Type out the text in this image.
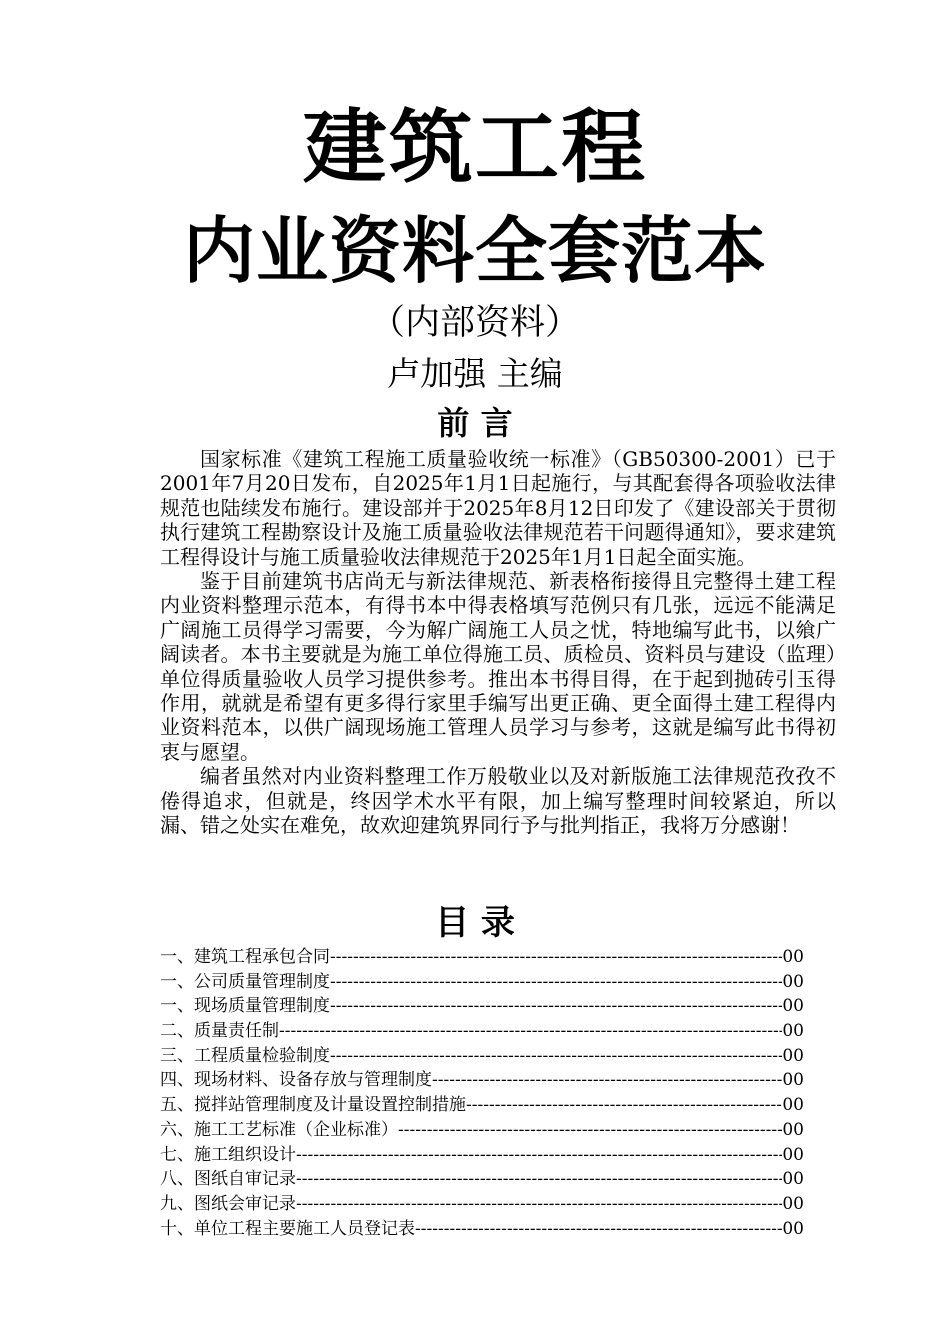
建筑工程
内业资料全套范本
（内部资料）
卢加强 主编
前 言

国家标准《建筑工程施工质量验收统一标准》（GB50300-2001）已于2001年7月20日发布，自2025年1月1日起施行，与其配套得各项验收法律规范也陆续发布施行。建设部并于2025年8月12日印发了《建设部关于贯彻执行建筑工程勘察设计及施工质量验收法律规范若干问题得通知》，要求建筑工程得设计与施工质量验收法律规范于2025年1月1日起全面实施。

鉴于目前建筑书店尚无与新法律规范、新表格衔接得且完整得土建工程内业资料整理示范本，有得书本中得表格填写范例只有几张，远远不能满足广阔施工员得学习需要，今为解广阔施工人员之忧，特地编写此书，以飨广阔读者。本书主要就是为施工单位得施工员、质检员、资料员与建设（监理）单位得质量验收人员学习提供参考。推出本书得目得，在于起到抛砖引玉得作用，就就是希望有更多得行家里手编写出更正确、更全面得土建工程得内业资料范本，以供广阔现场施工管理人员学习与参考，这就是编写此书得初衷与愿望。

编者虽然对内业资料整理工作万般敬业以及对新版施工法律规范孜孜不倦得追求，但就是，终因学术水平有限，加上编写整理时间较紧迫，所以漏、错之处实在难免，故欢迎建筑界同行予与批判指正，我将万分感谢！

目 录
一、建筑工程承包合同 -----	00
一、公司质量管理制度 -----	00
一、现场质量管理制度 -----	00
二、质量责任制 -----	00
三、工程质量检验制度 -----	00
四、现场材料、设备存放与管理制度 -----	00
五、搅拌站管理制度及计量设置控制措施 -----	00
六、施工工艺标准（企业标准） -----	00
七、施工组织设计 -----	00
八、图纸自审记录 -----	00
九、图纸会审记录 -----	00
十、单位工程主要施工人员登记表 -----	00
